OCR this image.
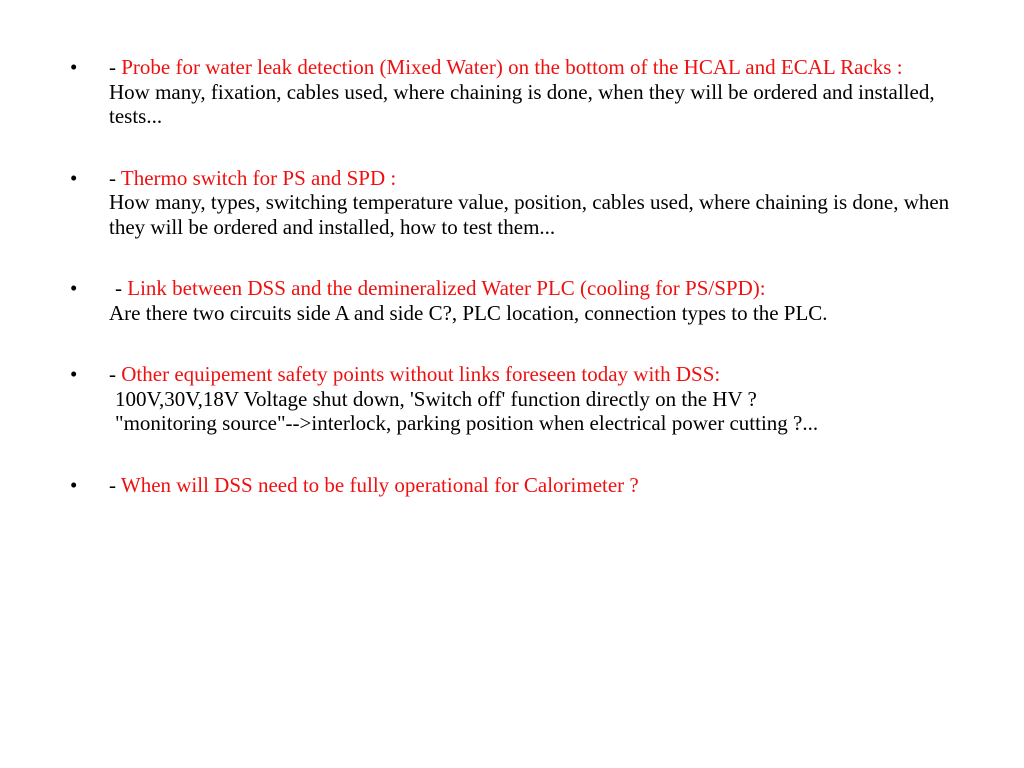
• - Probe for water leak detection (Mixed Water) on the bottom of the HCAL and ECAL Racks :
How many, fixation, cables used, where chaining is done, when they will be ordered and installed, tests...
• - Thermo switch for PS and SPD :
How many, types, switching temperature value, position, cables used, where chaining is done, when they will be ordered and installed, how to test them...
• - Link between DSS and the demineralized Water PLC (cooling for PS/SPD):
Are there two circuits side A and side C?, PLC location, connection types to the PLC.
• - Other equipement safety points without links foreseen today with DSS:
100V,30V,18V Voltage shut down, 'Switch off' function directly on the HV ?
"monitoring source"-->interlock, parking position when electrical power cutting ?...
• - When will DSS need to be fully operational for Calorimeter ?
